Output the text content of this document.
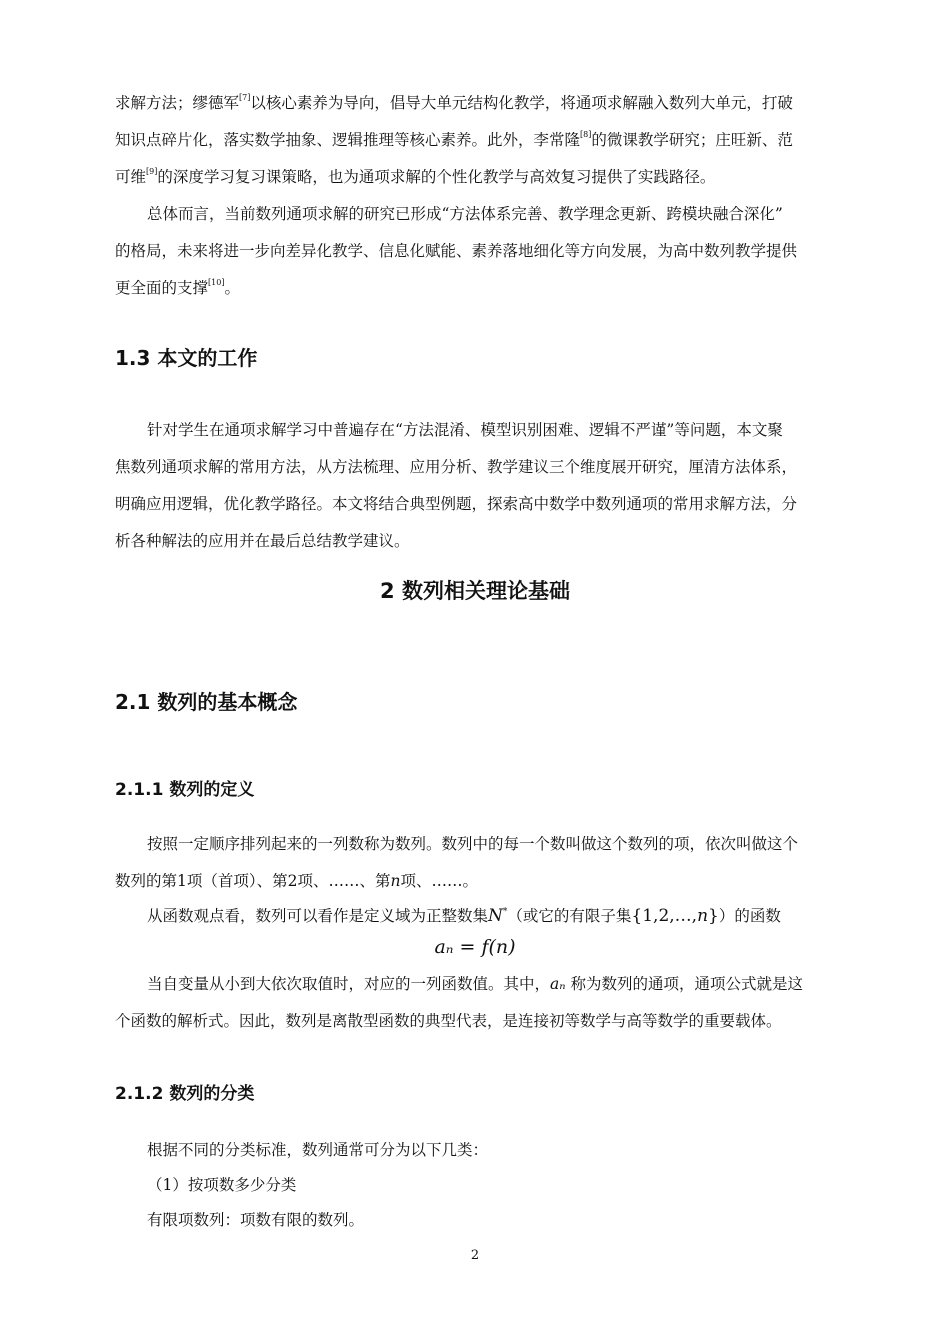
求解方法；缪德军[7]以核心素养为导向，倡导大单元结构化教学，将通项求解融入数列大单元，打破
知识点碎片化，落实数学抽象、逻辑推理等核心素养。此外，李常隆[8]的微课教学研究；庄旺新、范
可维[9]的深度学习复习课策略，也为通项求解的个性化教学与高效复习提供了实践路径。

总体而言，当前数列通项求解的研究已形成“方法体系完善、教学理念更新、跨模块融合深化”
的格局，未来将进一步向差异化教学、信息化赋能、素养落地细化等方向发展，为高中数列教学提供
更全面的支撑[10]。

1.3 本文的工作

针对学生在通项求解学习中普遍存在“方法混淆、模型识别困难、逻辑不严谨”等问题，本文聚
焦数列通项求解的常用方法，从方法梳理、应用分析、教学建议三个维度展开研究，厘清方法体系，
明确应用逻辑，优化教学路径。本文将结合典型例题，探索高中数学中数列通项的常用求解方法，分
析各种解法的应用并在最后总结教学建议。

2 数列相关理论基础
2.1 数列的基本概念
2.1.1 数列的定义

按照一定顺序排列起来的一列数称为数列。数列中的每一个数叫做这个数列的项，依次叫做这个
数列的第1项（首项）、第2项、……、第n项、……。

从函数观点看，数列可以看作是定义域为正整数集N*（或它的有限子集{1,2,…,n}）的函数

aₙ = f(n)

当自变量从小到大依次取值时，对应的一列函数值。其中，aₙ 称为数列的通项，通项公式就是这
个函数的解析式。因此，数列是离散型函数的典型代表，是连接初等数学与高等数学的重要载体。

2.1.2 数列的分类

根据不同的分类标准，数列通常可分为以下几类：
（1）按项数多少分类
有限项数列：项数有限的数列。

2
